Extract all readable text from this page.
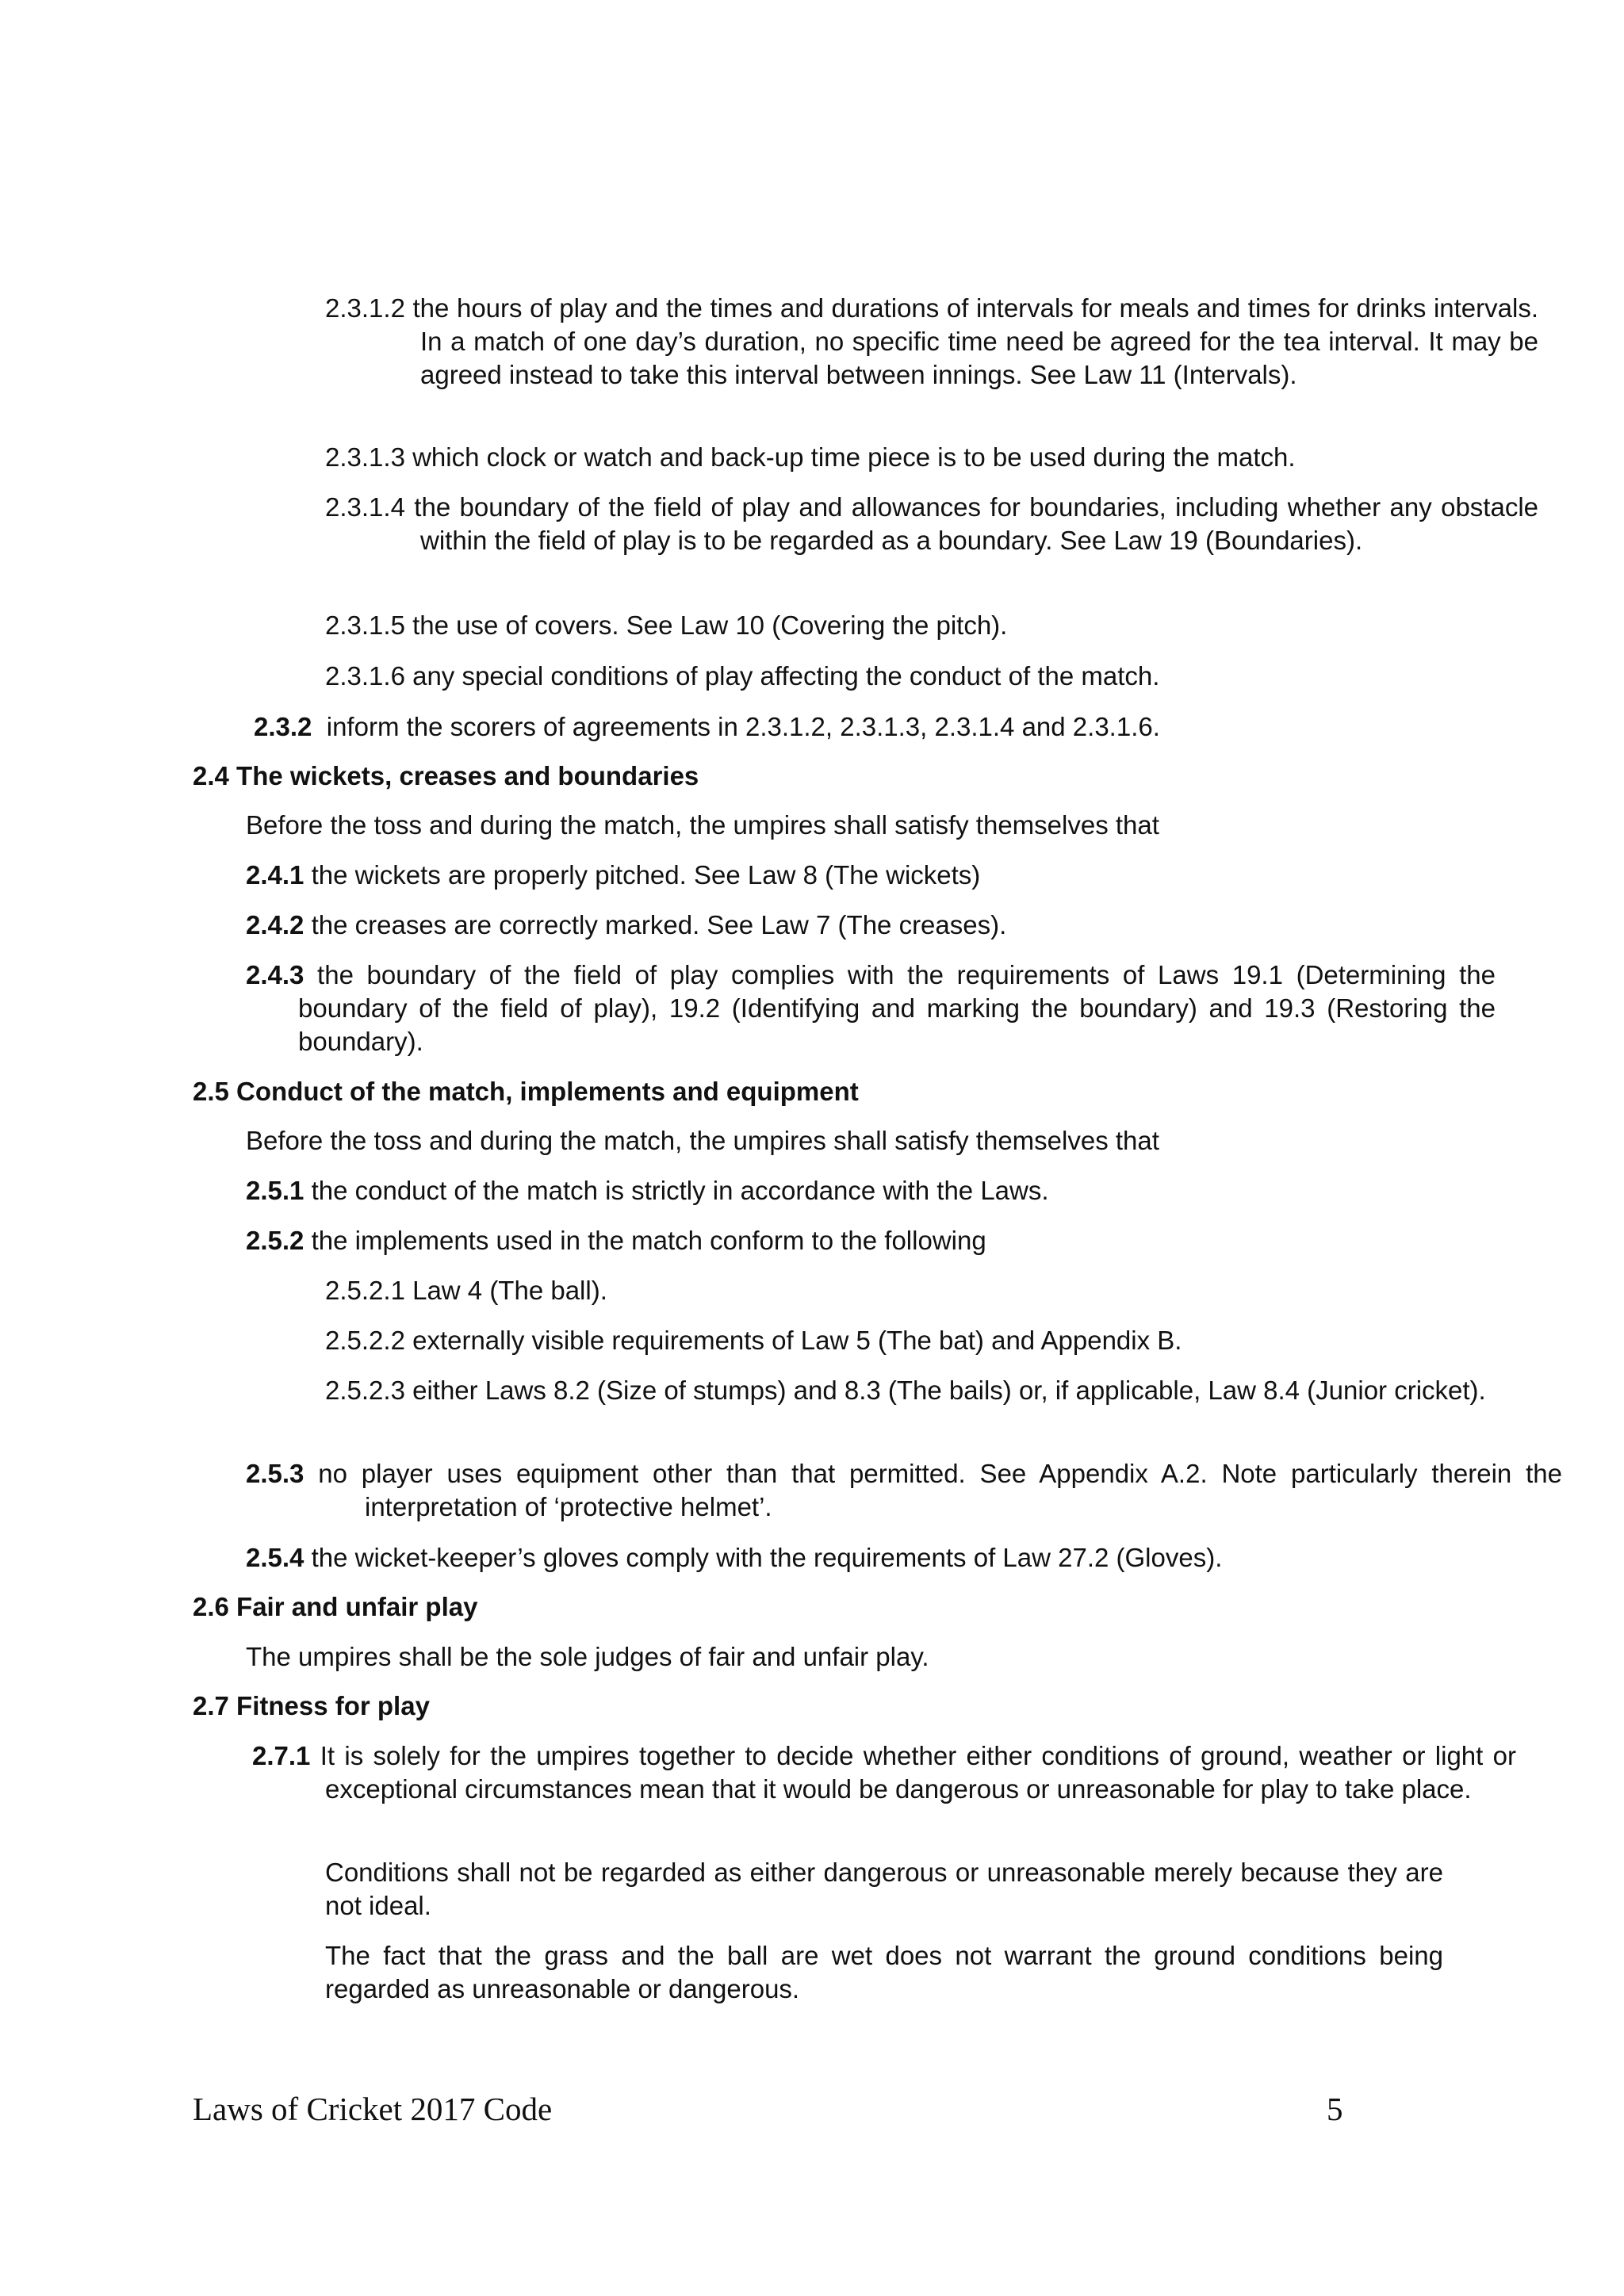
2.3.1.2 the hours of play and the times and durations of intervals for meals and times for drinks intervals. In a match of one day’s duration, no specific time need be agreed for the tea interval. It may be agreed instead to take this interval between innings. See Law 11 (Intervals).
2.3.1.3 which clock or watch and back-up time piece is to be used during the match.
2.3.1.4 the boundary of the field of play and allowances for boundaries, including whether any obstacle within the field of play is to be regarded as a boundary. See Law 19 (Boundaries).
2.3.1.5 the use of covers. See Law 10 (Covering the pitch).
2.3.1.6 any special conditions of play affecting the conduct of the match.
2.3.2 inform the scorers of agreements in 2.3.1.2, 2.3.1.3, 2.3.1.4 and 2.3.1.6.
2.4 The wickets, creases and boundaries
Before the toss and during the match, the umpires shall satisfy themselves that
2.4.1 the wickets are properly pitched. See Law 8 (The wickets)
2.4.2 the creases are correctly marked. See Law 7 (The creases).
2.4.3 the boundary of the field of play complies with the requirements of Laws 19.1 (Determining the boundary of the field of play), 19.2 (Identifying and marking the boundary) and 19.3 (Restoring the boundary).
2.5 Conduct of the match, implements and equipment
Before the toss and during the match, the umpires shall satisfy themselves that
2.5.1 the conduct of the match is strictly in accordance with the Laws.
2.5.2 the implements used in the match conform to the following
2.5.2.1 Law 4 (The ball).
2.5.2.2 externally visible requirements of Law 5 (The bat) and Appendix B.
2.5.2.3 either Laws 8.2 (Size of stumps) and 8.3 (The bails) or, if applicable, Law 8.4 (Junior cricket).
2.5.3 no player uses equipment other than that permitted. See Appendix A.2. Note particularly therein the interpretation of ‘protective helmet’.
2.5.4 the wicket-keeper’s gloves comply with the requirements of Law 27.2 (Gloves).
2.6 Fair and unfair play
The umpires shall be the sole judges of fair and unfair play.
2.7 Fitness for play
2.7.1 It is solely for the umpires together to decide whether either conditions of ground, weather or light or exceptional circumstances mean that it would be dangerous or unreasonable for play to take place.
Conditions shall not be regarded as either dangerous or unreasonable merely because they are not ideal.
The fact that the grass and the ball are wet does not warrant the ground conditions being regarded as unreasonable or dangerous.
Laws of Cricket 2017 Code	5
